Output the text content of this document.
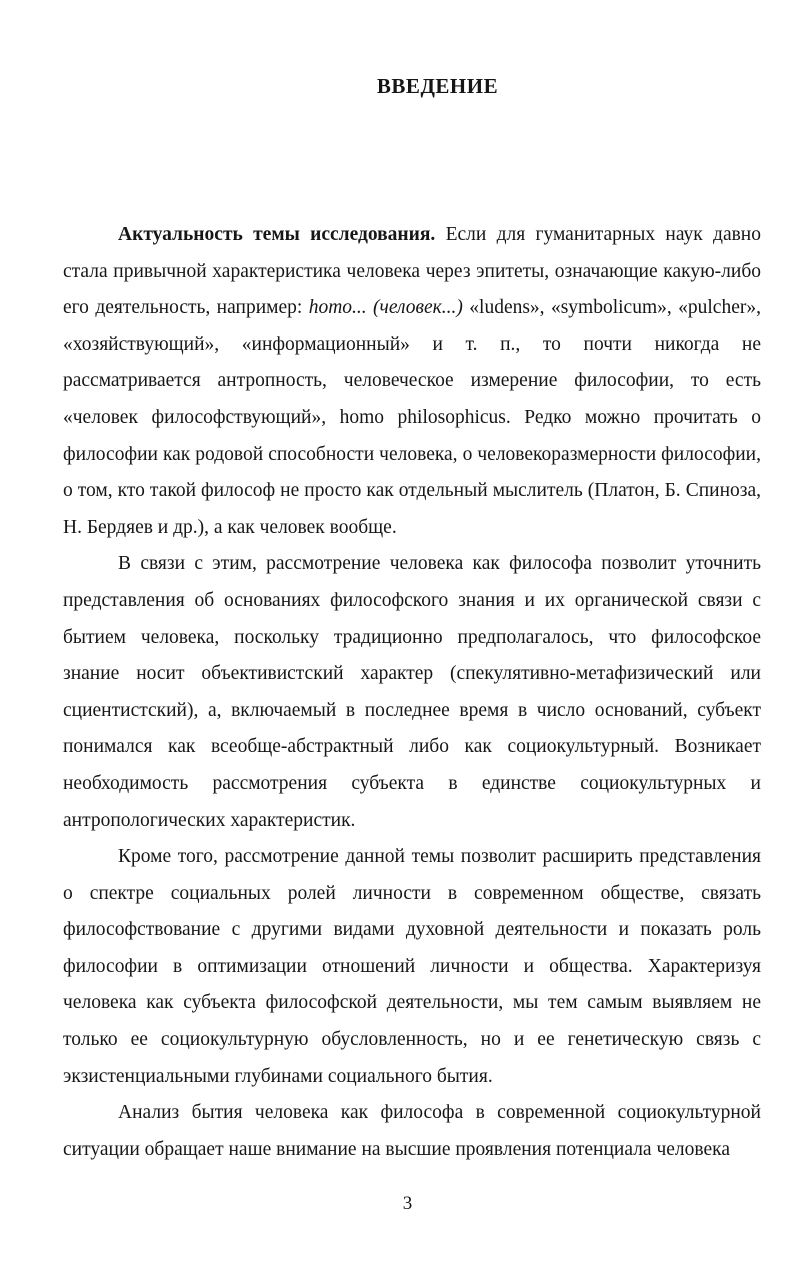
ВВЕДЕНИЕ

Актуальность темы исследования. Если для гуманитарных наук давно стала привычной характеристика человека через эпитеты, означающие какую-либо его деятельность, например: homo... (человек...) «ludens», «symbolicum», «pulcher», «хозяйствующий», «информационный» и т. п., то почти никогда не рассматривается антропность, человеческое измерение философии, то есть «человек философствующий», homo philosophicus. Редко можно прочитать о философии как родовой способности человека, о человекоразмерности философии, о том, кто такой философ не просто как отдельный мыслитель (Платон, Б. Спиноза, Н. Бердяев и др.), а как человек вообще.

В связи с этим, рассмотрение человека как философа позволит уточнить представления об основаниях философского знания и их органической связи с бытием человека, поскольку традиционно предполагалось, что философское знание носит объективистский характер (спекулятивно-метафизический или сциентистский), а, включаемый в последнее время в число оснований, субъект понимался как всеобще-абстрактный либо как социокультурный. Возникает необходимость рассмотрения субъекта в единстве социокультурных и антропологических характеристик.

Кроме того, рассмотрение данной темы позволит расширить представления о спектре социальных ролей личности в современном обществе, связать философствование с другими видами духовной деятельности и показать роль философии в оптимизации отношений личности и общества. Характеризуя человека как субъекта философской деятельности, мы тем самым выявляем не только ее социокультурную обусловленность, но и ее генетическую связь с экзистенциальными глубинами социального бытия.

Анализ бытия человека как философа в современной социокультурной ситуации обращает наше внимание на высшие проявления потенциала человека

3
